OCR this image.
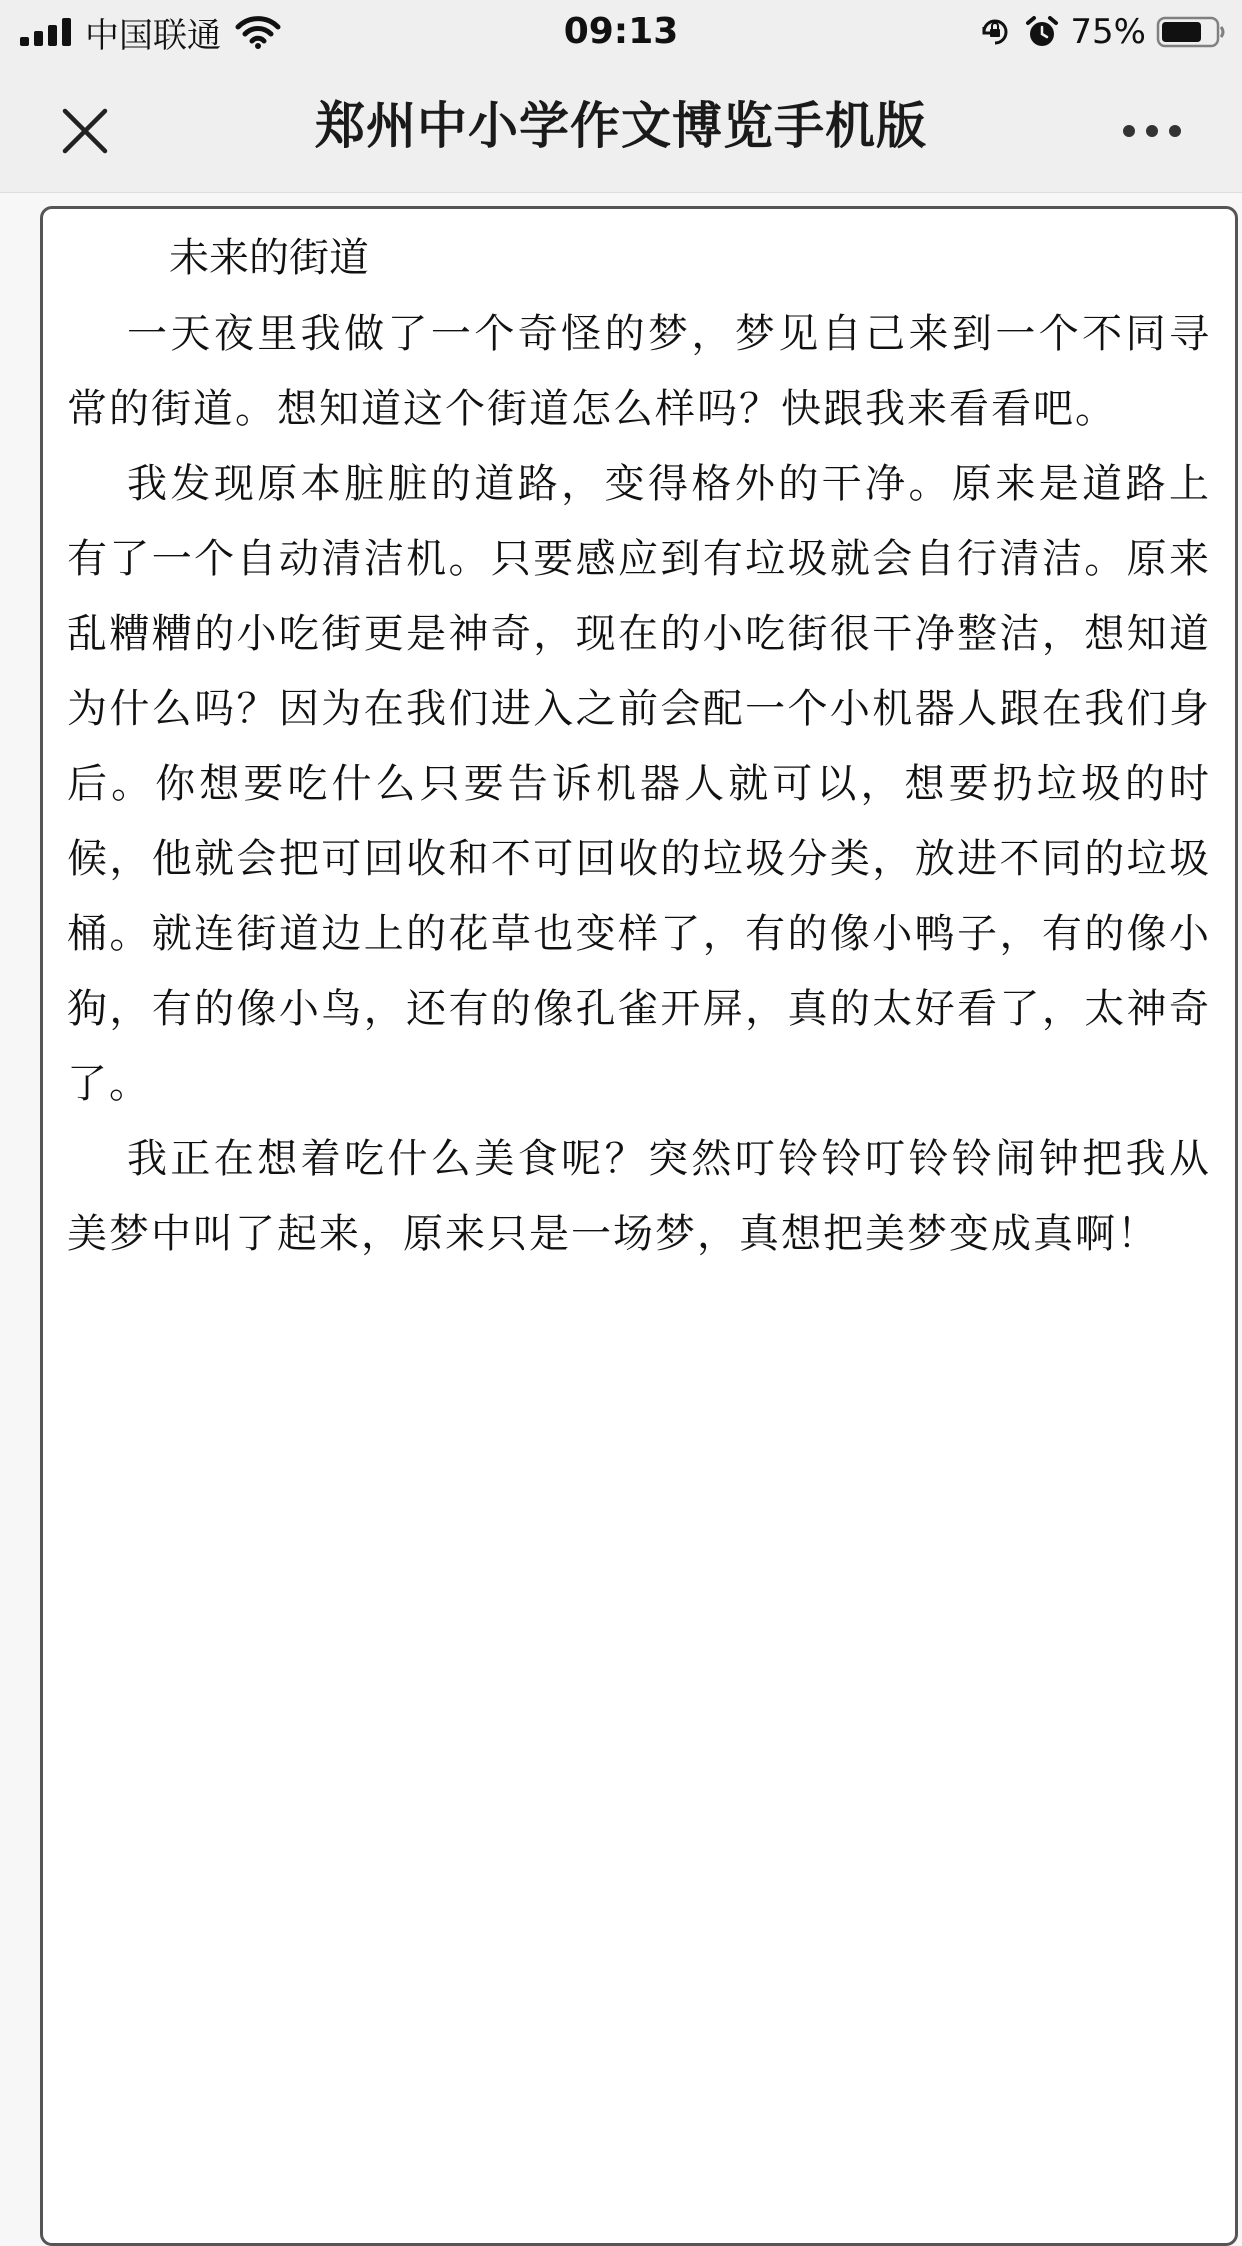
中国联通	09:13	75%
郑州中小学作文博览手机版
未来的街道

一天夜里我做了一个奇怪的梦，梦见自己来到一个不同寻常的街道。想知道这个街道怎么样吗？快跟我来看看吧。

我发现原本脏脏的道路，变得格外的干净。原来是道路上有了一个自动清洁机。只要感应到有垃圾就会自行清洁。原来乱糟糟的小吃街更是神奇，现在的小吃街很干净整洁，想知道为什么吗？因为在我们进入之前会配一个小机器人跟在我们身后。你想要吃什么只要告诉机器人就可以，想要扔垃圾的时候，他就会把可回收和不可回收的垃圾分类，放进不同的垃圾桶。就连街道边上的花草也变样了，有的像小鸭子，有的像小狗，有的像小鸟，还有的像孔雀开屏，真的太好看了，太神奇了。

我正在想着吃什么美食呢？突然叮铃铃叮铃铃闹钟把我从美梦中叫了起来，原来只是一场梦，真想把美梦变成真啊！
